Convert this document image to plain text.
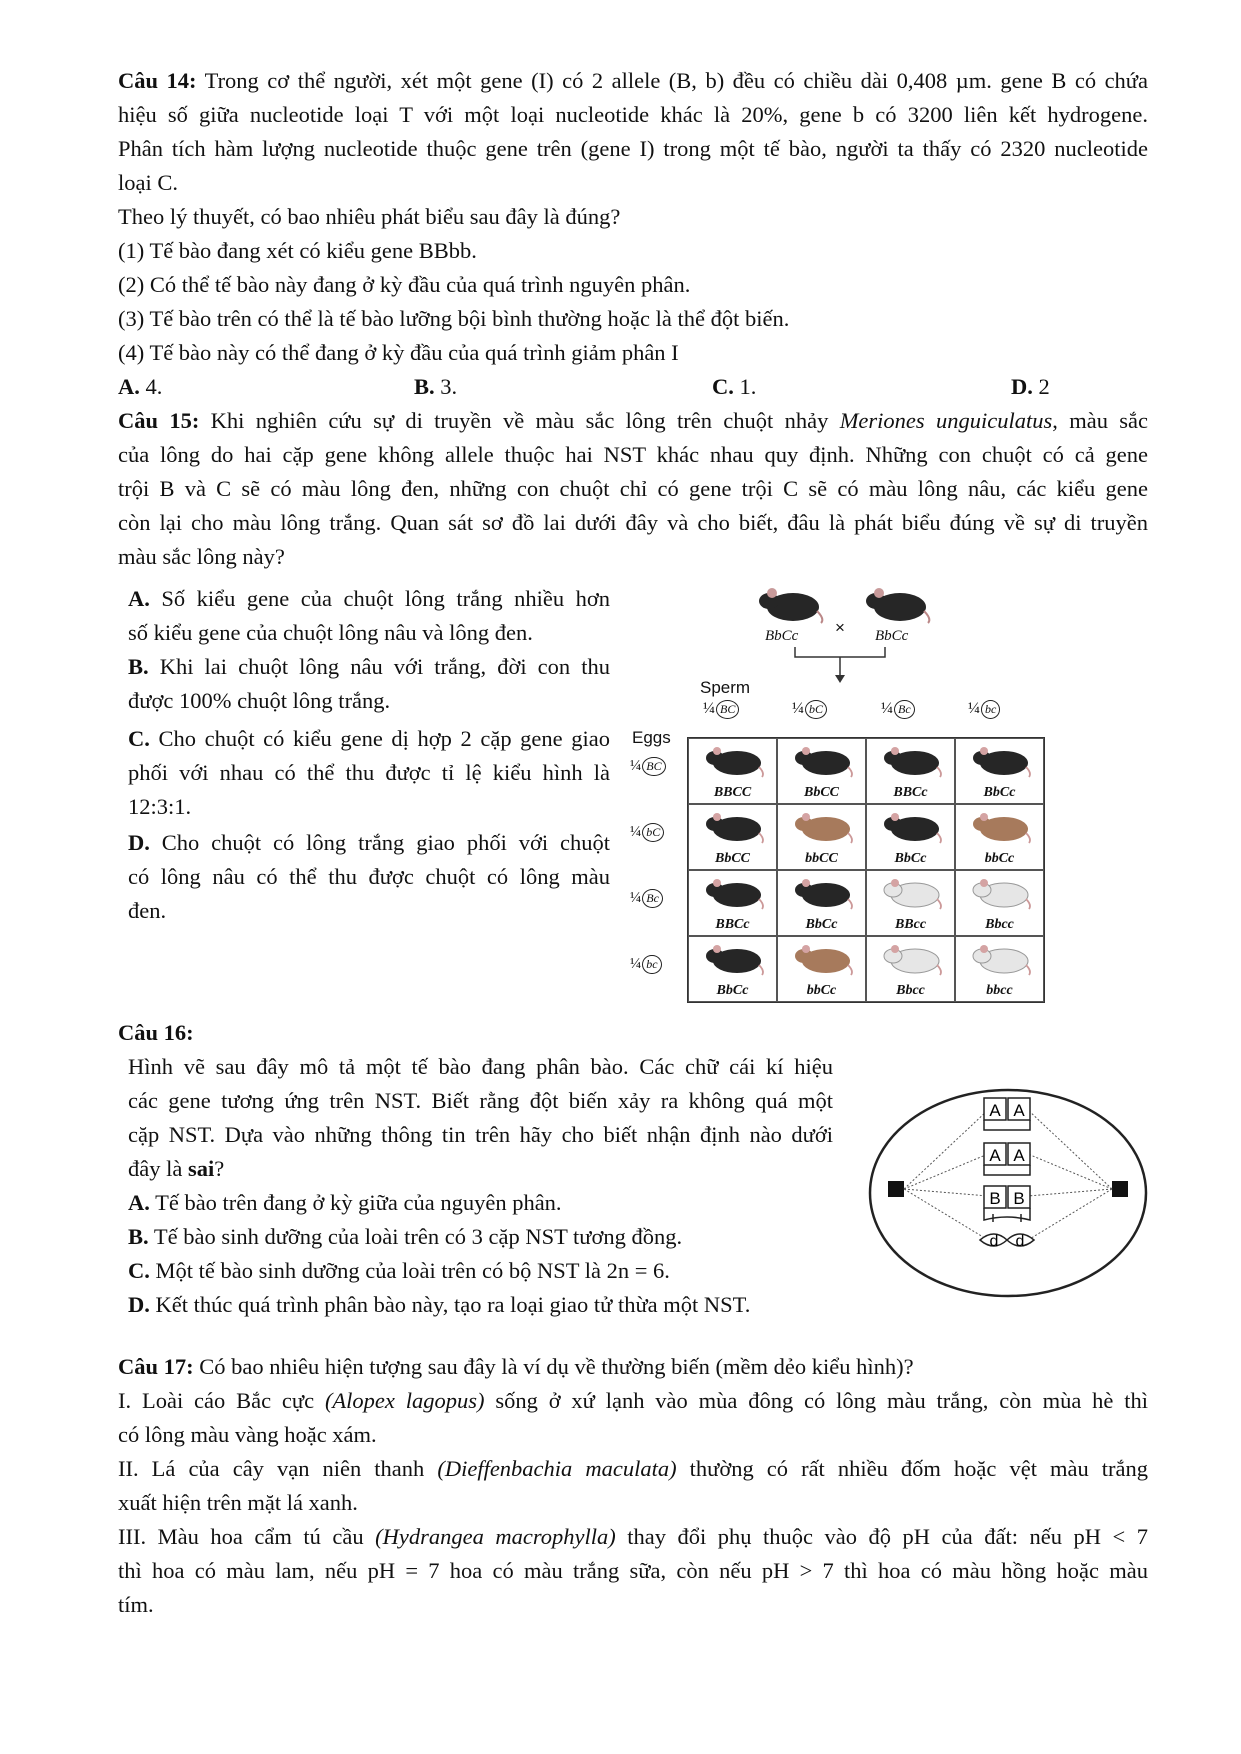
Câu 14: Trong cơ thể người, xét một gene (I) có 2 allele (B, b) đều có chiều dài 0,408 µm. gene B có chứa
hiệu số giữa nucleotide loại T với một loại nucleotide khác là 20%, gene b có 3200 liên kết hydrogene.
Phân tích hàm lượng nucleotide thuộc gene trên (gene I) trong một tế bào, người ta thấy có 2320 nucleotide
loại C.
Theo lý thuyết, có bao nhiêu phát biểu sau đây là đúng?
(1) Tế bào đang xét có kiểu gene BBbb.
(2) Có thể tế bào này đang ở kỳ đầu của quá trình nguyên phân.
(3) Tế bào trên có thể là tế bào lưỡng bội bình thường hoặc là thể đột biến.
(4) Tế bào này có thể đang ở kỳ đầu của quá trình giảm phân I
A. 4.	B. 3.	C. 1.	D. 2
Câu 15: Khi nghiên cứu sự di truyền về màu sắc lông trên chuột nhảy Meriones unguiculatus, màu sắc
của lông do hai cặp gene không allele thuộc hai NST khác nhau quy định. Những con chuột có cả gene
trội B và C sẽ có màu lông đen, những con chuột chỉ có gene trội C sẽ có màu lông nâu, các kiểu gene
còn lại cho màu lông trắng. Quan sát sơ đồ lai dưới đây và cho biết, đâu là phát biểu đúng về sự di truyền
màu sắc lông này?
A. Số kiểu gene của chuột lông trắng nhiều hơn
số kiểu gene của chuột lông nâu và lông đen.
B. Khi lai chuột lông nâu với trắng, đời con thu
được 100% chuột lông trắng.
C. Cho chuột có kiểu gene dị hợp 2 cặp gene giao
phối với nhau có thể thu được tỉ lệ kiểu hình là
12:3:1.
D. Cho chuột có lông trắng giao phối với chuột
có lông nâu có thể thu được chuột có lông màu
đen.
BbCc × BbCc
Sperm
¼ BC	¼ bC	¼ Bc	¼ bc
Eggs
¼ BC
¼ bC
¼ Bc
¼ bc
BBCC	BbCC	BBCc	BbCc
BbCC	bbCC	BbCc	bbCc
BBCc	BbCc	BBcc	Bbcc
BbCc	bbCc	Bbcc	bbcc
Câu 16:
Hình vẽ sau đây mô tả một tế bào đang phân bào. Các chữ cái kí hiệu
các gene tương ứng trên NST. Biết rằng đột biến xảy ra không quá một
cặp NST. Dựa vào những thông tin trên hãy cho biết nhận định nào dưới
đây là sai?
A. Tế bào trên đang ở kỳ giữa của nguyên phân.
B. Tế bào sinh dưỡng của loài trên có 3 cặp NST tương đồng.
C. Một tế bào sinh dưỡng của loài trên có bộ NST là 2n = 6.
D. Kết thúc quá trình phân bào này, tạo ra loại giao tử thừa một NST.
A A
A A
B B
d d
Câu 17: Có bao nhiêu hiện tượng sau đây là ví dụ về thường biến (mềm dẻo kiểu hình)?
I. Loài cáo Bắc cực (Alopex lagopus) sống ở xứ lạnh vào mùa đông có lông màu trắng, còn mùa hè thì
có lông màu vàng hoặc xám.
II. Lá của cây vạn niên thanh (Dieffenbachia maculata) thường có rất nhiều đốm hoặc vệt màu trắng
xuất hiện trên mặt lá xanh.
III. Màu hoa cẩm tú cầu (Hydrangea macrophylla) thay đổi phụ thuộc vào độ pH của đất: nếu pH < 7
thì hoa có màu lam, nếu pH = 7 hoa có màu trắng sữa, còn nếu pH > 7 thì hoa có màu hồng hoặc màu
tím.
